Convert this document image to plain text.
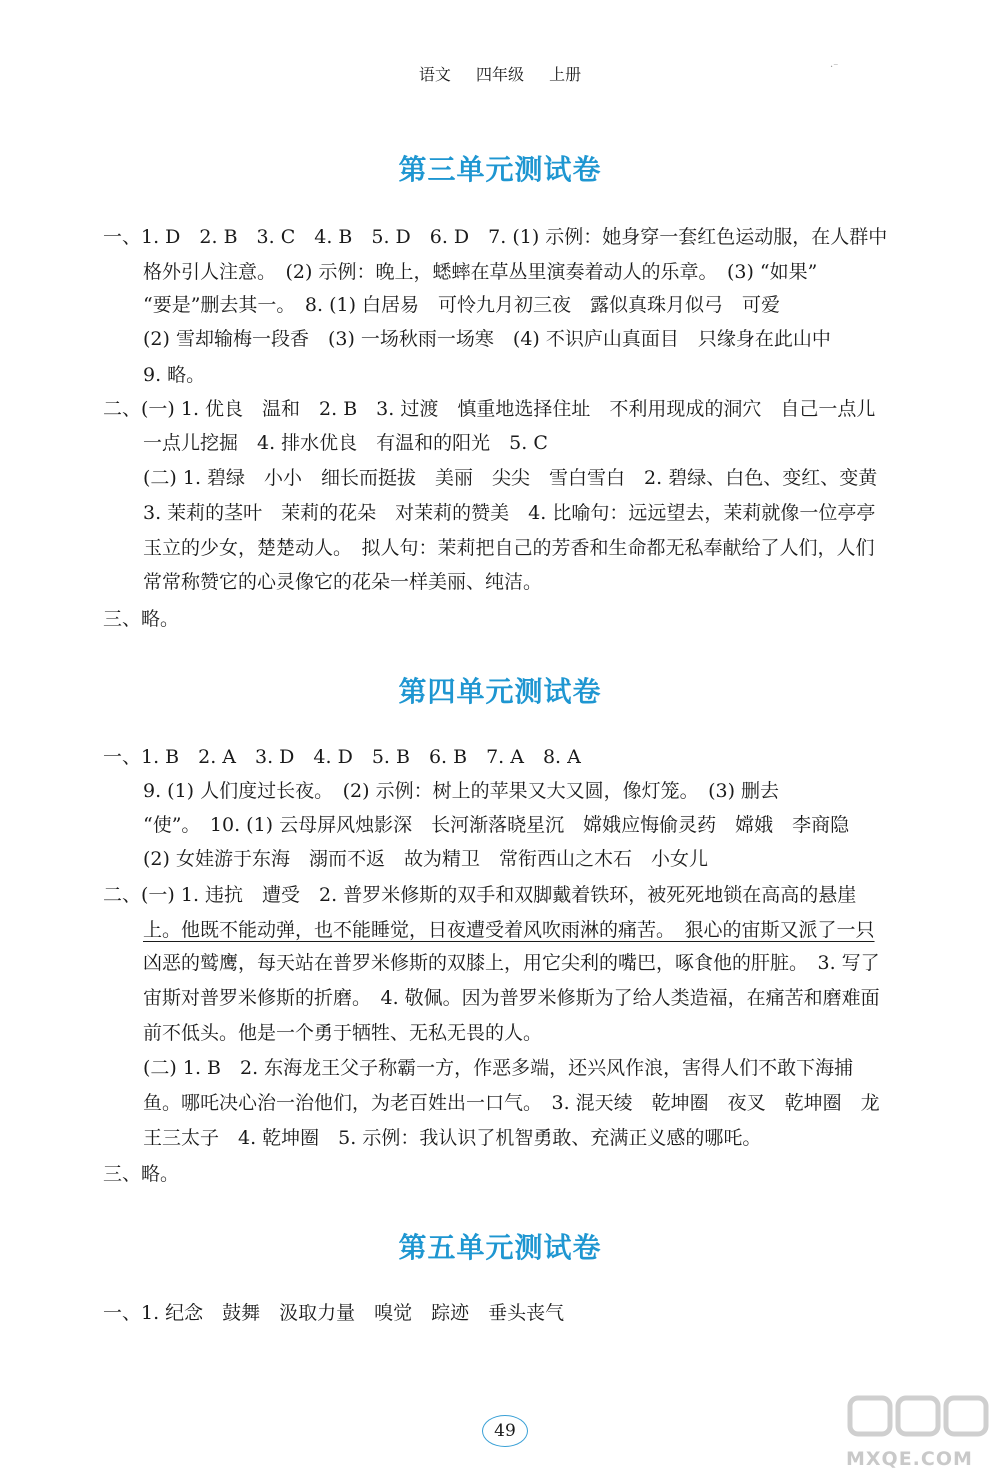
语文 四年级 上册	·⁻
第三单元测试卷
一、1. D　2. B　3. C　4. B　5. D　6. D　7. (1) 示例：她身穿一套红色运动服，在人群中
格外引人注意。　(2) 示例：晚上，蟋蟀在草丛里演奏着动人的乐章。　(3) “如果”
“要是”删去其一。　8. (1) 白居易　可怜九月初三夜　露似真珠月似弓　可爱
(2) 雪却输梅一段香　(3) 一场秋雨一场寒　(4) 不识庐山真面目　只缘身在此山中
9. 略。
二、(一) 1. 优良　温和　2. B　3. 过渡　慎重地选择住址　不利用现成的洞穴　自己一点儿
一点儿挖掘　4. 排水优良　有温和的阳光　5. C
(二) 1. 碧绿　小小　细长而挺拔　美丽　尖尖　雪白雪白　2. 碧绿、白色、变红、变黄
3. 茉莉的茎叶　茉莉的花朵　对茉莉的赞美　4. 比喻句：远远望去，茉莉就像一位亭亭
玉立的少女，楚楚动人。　拟人句：茉莉把自己的芳香和生命都无私奉献给了人们，人们
常常称赞它的心灵像它的花朵一样美丽、纯洁。
三、略。
第四单元测试卷
一、1. B　2. A　3. D　4. D　5. B　6. B　7. A　8. A
9. (1) 人们度过长夜。　(2) 示例：树上的苹果又大又圆，像灯笼。　(3) 删去
“使”。　10. (1) 云母屏风烛影深　长河渐落晓星沉　嫦娥应悔偷灵药　嫦娥　李商隐
(2) 女娃游于东海　溺而不返　故为精卫　常衔西山之木石　小女儿
二、(一) 1. 违抗　遭受　2. 普罗米修斯的双手和双脚戴着铁环，被死死地锁在高高的悬崖
上。他既不能动弹，也不能睡觉，日夜遭受着风吹雨淋的痛苦。　狠心的宙斯又派了一只
凶恶的鹫鹰，每天站在普罗米修斯的双膝上，用它尖利的嘴巴，啄食他的肝脏。　3. 写了
宙斯对普罗米修斯的折磨。　4. 敬佩。因为普罗米修斯为了给人类造福，在痛苦和磨难面
前不低头。他是一个勇于牺牲、无私无畏的人。
(二) 1. B　2. 东海龙王父子称霸一方，作恶多端，还兴风作浪，害得人们不敢下海捕
鱼。哪吒决心治一治他们，为老百姓出一口气。　3. 混天绫　乾坤圈　夜叉　乾坤圈　龙
王三太子　4. 乾坤圈　5. 示例：我认识了机智勇敢、充满正义感的哪吒。
三、略。
第五单元测试卷
一、1. 纪念　鼓舞　汲取力量　嗅觉　踪迹　垂头丧气
49
MXQE.COM
